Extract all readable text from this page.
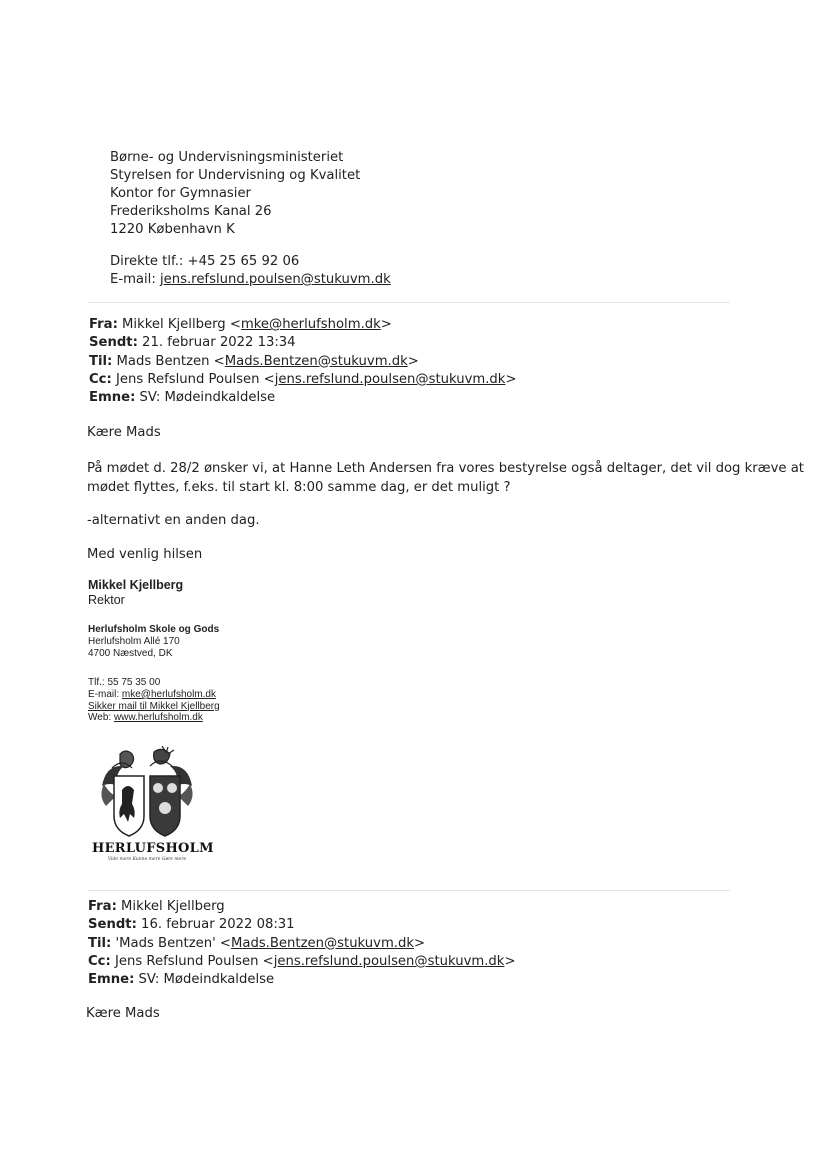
Børne- og Undervisningsministeriet
Styrelsen for Undervisning og Kvalitet
Kontor for Gymnasier
Frederiksholms Kanal 26
1220 København K
Direkte tlf.: +45 25 65 92 06
E-mail: jens.refslund.poulsen@stukuvm.dk
Fra: Mikkel Kjellberg <mke@herlufsholm.dk>
Sendt: 21. februar 2022 13:34
Til: Mads Bentzen <Mads.Bentzen@stukuvm.dk>
Cc: Jens Refslund Poulsen <jens.refslund.poulsen@stukuvm.dk>
Emne: SV: Mødeindkaldelse
Kære Mads
På mødet d. 28/2 ønsker vi, at Hanne Leth Andersen fra vores bestyrelse også deltager, det vil dog kræve at
mødet flyttes, f.eks. til start kl. 8:00 samme dag, er det muligt ?
-alternativt en anden dag.
Med venlig hilsen
Mikkel Kjellberg
Rektor
Herlufsholm Skole og Gods
Herlufsholm Allé 170
4700 Næstved, DK
Tlf.: 55 75 35 00
E-mail: mke@herlufsholm.dk
Sikker mail til Mikkel Kjellberg
Web: www.herlufsholm.dk
HERLUFSHOLM
Vide mere Kunne mere Gøre mere
Fra: Mikkel Kjellberg
Sendt: 16. februar 2022 08:31
Til: 'Mads Bentzen' <Mads.Bentzen@stukuvm.dk>
Cc: Jens Refslund Poulsen <jens.refslund.poulsen@stukuvm.dk>
Emne: SV: Mødeindkaldelse
Kære Mads
